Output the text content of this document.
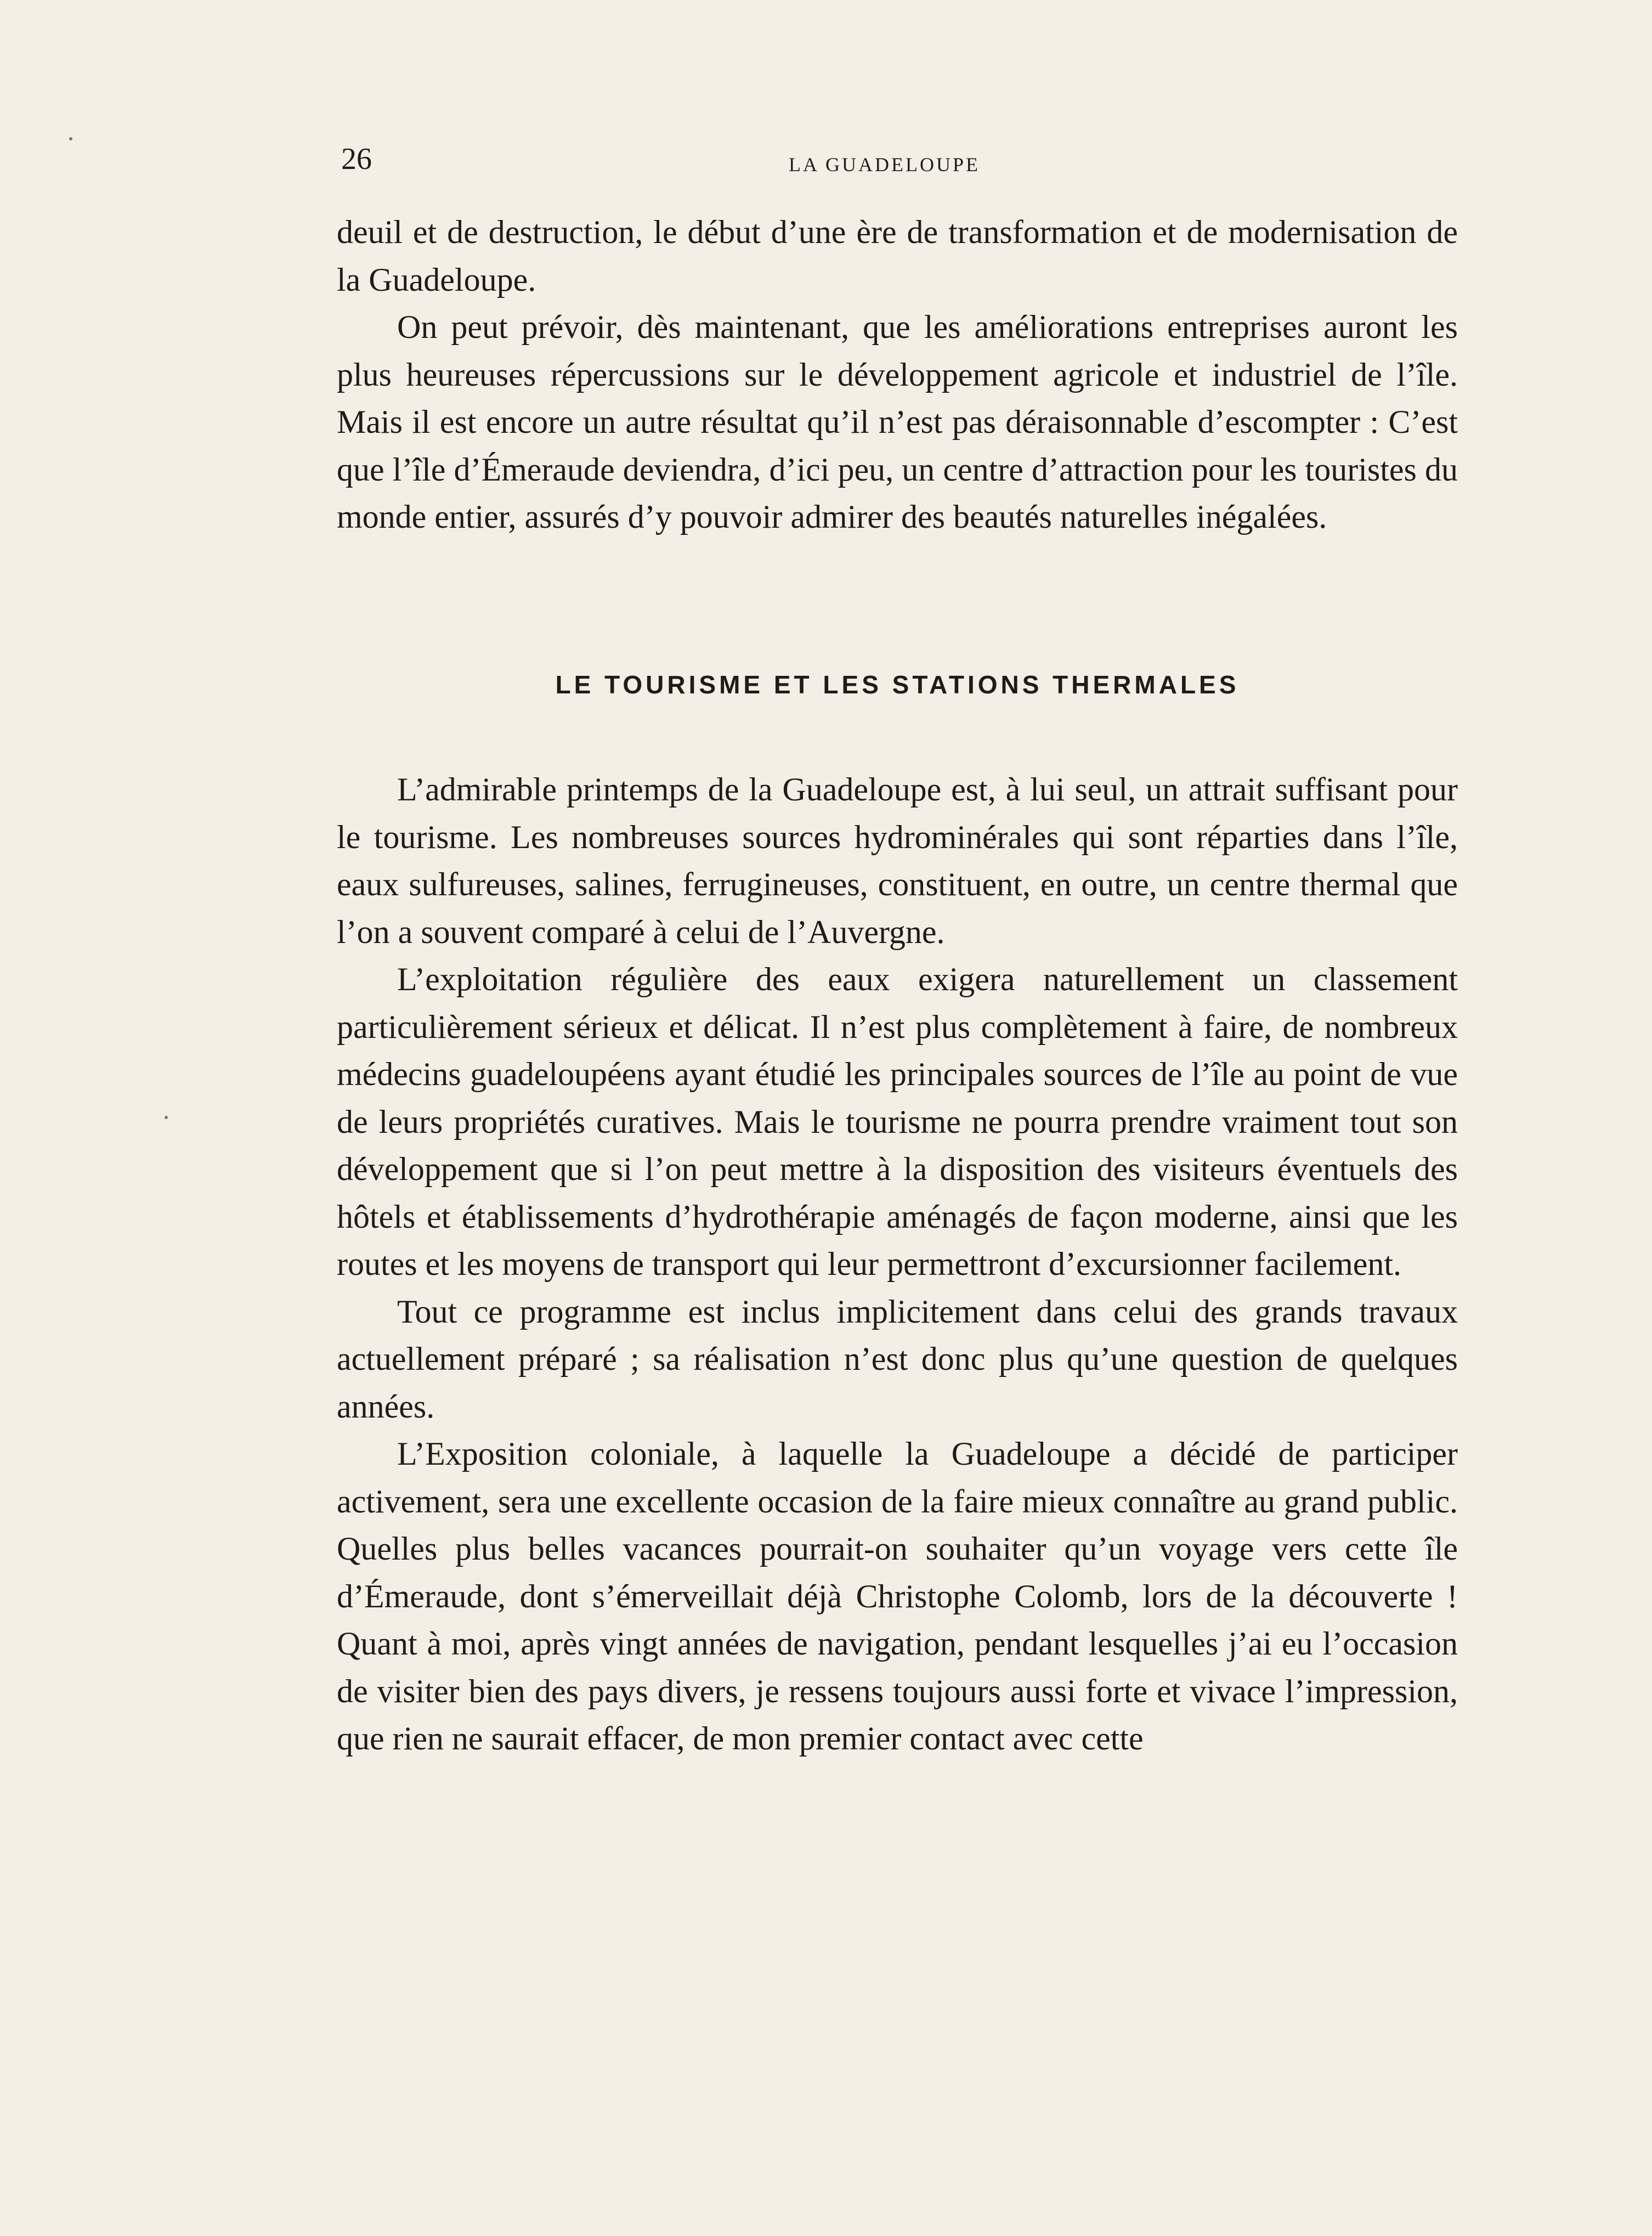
26	LA GUADELOUPE

deuil et de destruction, le début d’une ère de transformation et de modernisation de la Guadeloupe.

On peut prévoir, dès maintenant, que les améliorations entreprises auront les plus heureuses répercussions sur le développement agricole et industriel de l’île. Mais il est encore un autre résultat qu’il n’est pas déraisonnable d’escompter : C’est que l’île d’Émeraude deviendra, d’ici peu, un centre d’attraction pour les touristes du monde entier, assurés d’y pouvoir admirer des beautés naturelles inégalées.

LE TOURISME ET LES STATIONS THERMALES

L’admirable printemps de la Guadeloupe est, à lui seul, un attrait suffisant pour le tourisme. Les nombreuses sources hydrominérales qui sont réparties dans l’île, eaux sulfureuses, salines, ferrugineuses, constituent, en outre, un centre thermal que l’on a souvent comparé à celui de l’Auvergne.

L’exploitation régulière des eaux exigera naturellement un classement particulièrement sérieux et délicat. Il n’est plus complètement à faire, de nombreux médecins guadeloupéens ayant étudié les principales sources de l’île au point de vue de leurs propriétés curatives. Mais le tourisme ne pourra prendre vraiment tout son développement que si l’on peut mettre à la disposition des visiteurs éventuels des hôtels et établissements d’hydrothérapie aménagés de façon moderne, ainsi que les routes et les moyens de transport qui leur permettront d’excursionner facilement.

Tout ce programme est inclus implicitement dans celui des grands travaux actuellement préparé ; sa réalisation n’est donc plus qu’une question de quelques années.

L’Exposition coloniale, à laquelle la Guadeloupe a décidé de participer activement, sera une excellente occasion de la faire mieux connaître au grand public. Quelles plus belles vacances pourrait-on souhaiter qu’un voyage vers cette île d’Émeraude, dont s’émerveillait déjà Christophe Colomb, lors de la découverte ! Quant à moi, après vingt années de navigation, pendant lesquelles j’ai eu l’occasion de visiter bien des pays divers, je ressens toujours aussi forte et vivace l’impression, que rien ne saurait effacer, de mon premier contact avec cette
